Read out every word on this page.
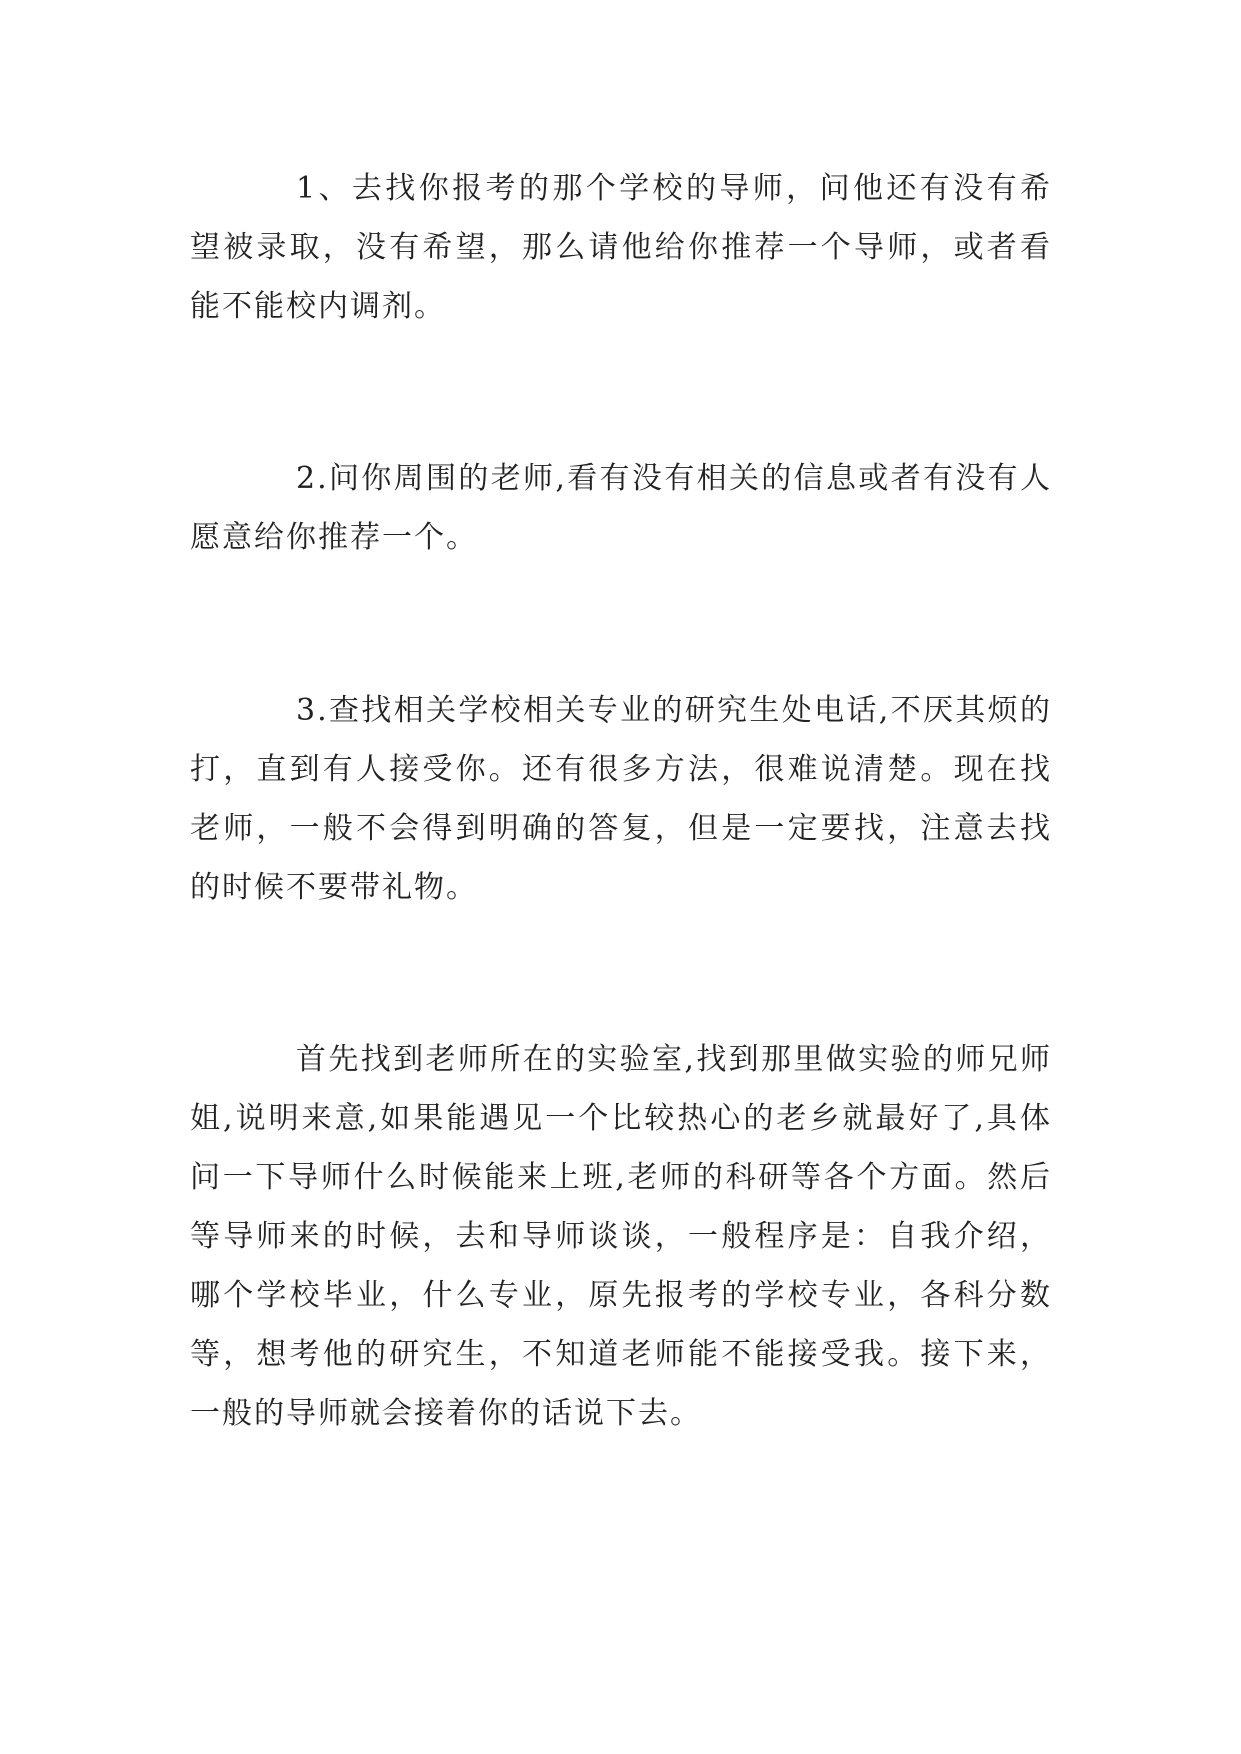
1、去找你报考的那个学校的导师，问他还有没有希望被录取，没有希望，那么请他给你推荐一个导师，或者看能不能校内调剂。

2.问你周围的老师,看有没有相关的信息或者有没有人愿意给你推荐一个。

3.查找相关学校相关专业的研究生处电话,不厌其烦的打，直到有人接受你。还有很多方法，很难说清楚。现在找老师，一般不会得到明确的答复，但是一定要找，注意去找的时候不要带礼物。

首先找到老师所在的实验室,找到那里做实验的师兄师姐,说明来意,如果能遇见一个比较热心的老乡就最好了,具体问一下导师什么时候能来上班,老师的科研等各个方面。然后等导师来的时候，去和导师谈谈，一般程序是：自我介绍，哪个学校毕业，什么专业，原先报考的学校专业，各科分数等，想考他的研究生，不知道老师能不能接受我。接下来，一般的导师就会接着你的话说下去。
